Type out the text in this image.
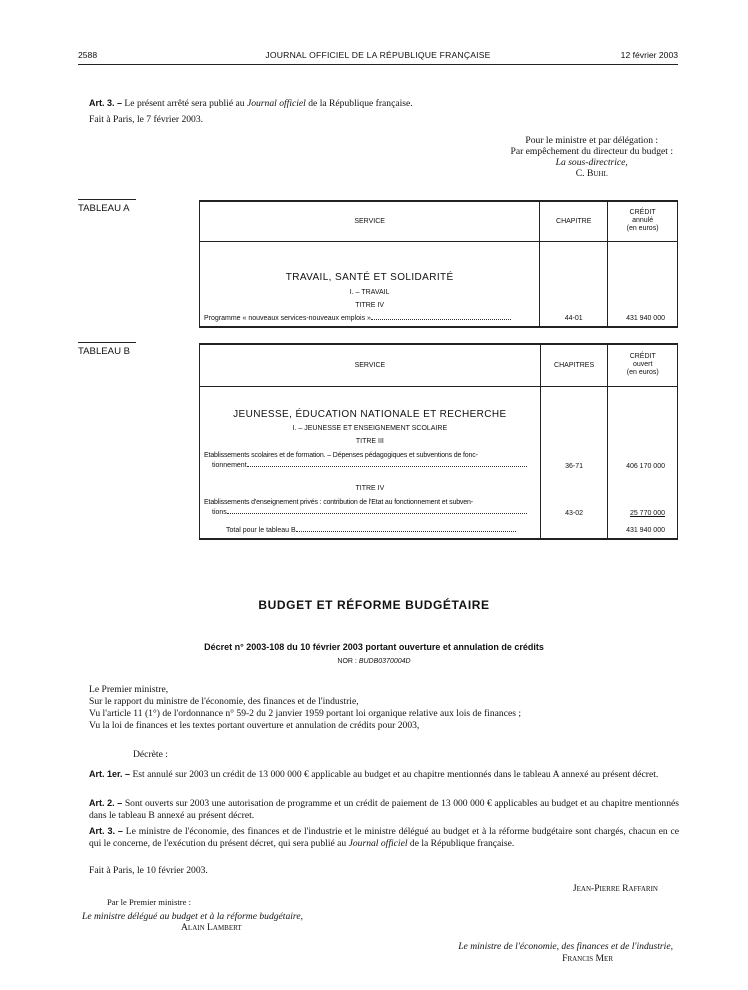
2588	JOURNAL OFFICIEL DE LA RÉPUBLIQUE FRANÇAISE	12 février 2003
Art. 3. – Le présent arrêté sera publié au Journal officiel de la République française.
Fait à Paris, le 7 février 2003.
Pour le ministre et par délégation :
Par empêchement du directeur du budget :
La sous-directrice,
C. Buhl
TABLEAU A
SERVICE	CHAPITRE	CRÉDIT
annulé
(en euros)

TRAVAIL, SANTÉ ET SOLIDARITÉ
I. – TRAVAIL
TITRE IV
Programme « nouveaux services-nouveaux emplois »	44-01	431 940 000
TABLEAU B
SERVICE	CHAPITRES	CRÉDIT
ouvert
(en euros)

JEUNESSE, ÉDUCATION NATIONALE ET RECHERCHE
I. – JEUNESSE ET ENSEIGNEMENT SCOLAIRE
TITRE III
Etablissements scolaires et de formation. – Dépenses pédagogiques et subventions de fonc-
tionnement	36-71	406 170 000

TITRE IV
Etablissements d'enseignement privés : contribution de l'Etat au fonctionnement et subven-
tions	43-02	25 770 000
Total pour le tableau B		431 940 000
BUDGET ET RÉFORME BUDGÉTAIRE
Décret n° 2003-108 du 10 février 2003 portant ouverture et annulation de crédits
NOR : BUDB0370004D
Le Premier ministre,
Sur le rapport du ministre de l'économie, des finances et de l'industrie,
Vu l'article 11 (1°) de l'ordonnance n° 59-2 du 2 janvier 1959 portant loi organique relative aux lois de finances ;
Vu la loi de finances et les textes portant ouverture et annulation de crédits pour 2003,
Décrète :
Art. 1er. – Est annulé sur 2003 un crédit de 13 000 000 € applicable au budget et au chapitre mentionnés dans le tableau A annexé au présent décret.
Art. 2. – Sont ouverts sur 2003 une autorisation de programme et un crédit de paiement de 13 000 000 € applicables au budget et au chapitre mentionnés dans le tableau B annexé au présent décret.
Art. 3. – Le ministre de l'économie, des finances et de l'industrie et le ministre délégué au budget et à la réforme budgétaire sont chargés, chacun en ce qui le concerne, de l'exécution du présent décret, qui sera publié au Journal officiel de la République française.
Fait à Paris, le 10 février 2003.
Jean-Pierre Raffarin
Par le Premier ministre :
Le ministre délégué au budget et à la réforme budgétaire,
Alain Lambert
Le ministre de l'économie, des finances et de l'industrie,
Francis Mer
